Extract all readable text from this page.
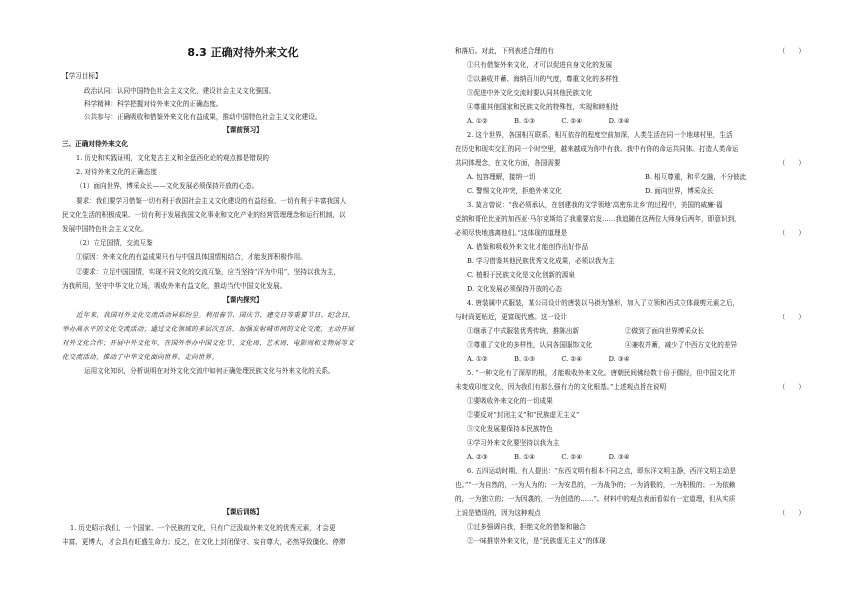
8.3 正确对待外来文化
【学习目标】
政治认同：认同中国特色社会主义文化，建设社会主义文化强国。
科学精神：科学把握对待外来文化的正确态度。
公共参与：正确吸收和借鉴外来文化有益成果，推动中国特色社会主义文化建设。
【课前预习】
三、正确对待外来文化
1. 历史和实践证明，文化复古主义和全盘西化论的观点都是错误的
2. 对待外来文化的正确态度
（1）面向世界，博采众长——文化发展必须保持开放的心态。
要求：我们要学习借鉴一切有利于我国社会主义文化建设的有益经验、一切有利于丰富我国人
民文化生活的积极成果、一切有利于发展我国文化事业和文化产业的经营管理理念和运行机制，以
发展中国特色社会主义文化。
（2）立足国情，交流互鉴
①原因：外来文化的有益成果只有与中国具体国情相结合，才能发挥积极作用。
②要求：立足中国国情，实现不同文化的交流互鉴，应当坚持“洋为中用”，坚持以我为主，
为我所用，坚守中华文化立场，吸收外来有益文化，推动当代中国文化发展。
【课内探究】
近年来，我国对外文化交流活动异彩纷呈。利用春节、国庆节、建交日等重要节日、纪念日，
举办高水平的文化交流活动；通过文化领域的多层次互访，加强发射城市间的文化交流，主动开展
对外文化合作；开展中外文化年，在国外举办中国文化节、文化周、艺术周、电影周和文物展等文
化交流活动，推动了中华文化面向世界、走向世界。
运用文化知识，分析说明在对外文化交流中如何正确处理民族文化与外来文化的关系。
【课后训练】
1. 历史昭示我们，一个国家、一个民族的文化，只有广泛汲取外来文化的优秀元素，才会更
丰富、更博大，才会具有旺盛生命力；反之，在文化上封闭保守、妄自尊大，必然导致僵化、停滞
和落后。对此，下列表述合理的有	（　　）
①只有借鉴外来文化，才可以促进自身文化的发展
②以兼收并蓄、海纳百川的气度，尊重文化的多样性
③促进中外文化交流时要认同其他民族文化
④尊重其他国家和民族文化的特殊性，实现和睦相处
A. ①②　　　　B. ①③　　　　C. ②④　　　　D. ③④
2. 这个世界，各国相互联系、相互依存的程度空前加深，人类生活在同一个地球村里，生活
在历史和现实交汇的同一个时空里，越来越成为你中有我、我中有你的命运共同体。打造人类命运
共同体理念，在文化方面，各国需要	（　　）
A. 包容理解，接纳一切	B. 相互尊重，和平交融，不分彼此
C. 警惕文化冲突，拒绝外来文化	D. 面向世界，博采众长
3. 莫言曾说：“我必须承认，在创建我的文学领地‘高密东北乡’的过程中，美国的威廉·福
克纳和哥伦比亚的加西亚·马尔克斯给了我重要启发……我追随在这两位大师身后两年，即意识到，
必须尽快地逃离他们。”这体现的道理是	（　　）
A. 借鉴和吸收外来文化才能创作出好作品
B. 学习借鉴其他民族优秀文化成果，必须以我为主
C. 植根于民族文化是文化创新的源泉
D. 文化发展必须保持开放的心态
4. 唐装属中式服装，某公司设计的唐装以马褂为雏形，加入了立领和西式立体裁剪元素之后，
与时尚更贴近，更富现代感。这一设计	（　　）
①继承了中式服装优秀传统，推陈出新	②做到了面向世界博采众长
③尊重了文化的多样性，认同各国服饰文化	④兼收并蓄，减少了中西方文化的差异
A. ①②　　　　B. ①③　　　　C. ②④　　　　D. ③④
5. “一种文化有了深厚的根，才能吸收外来文化。唐朝民间佛经数十倍于儒经，但中国文化并
未变成印度文化，因为我们有那么强有力的文化根基。”上述观点旨在说明	（　　）
①要吸收外来文化的一切成果
②要反对“封闭主义”和“民族虚无主义”
③文化发展要保持本民族特色
④学习外来文化要坚持以我为主
A. ②③　　　　B. ①④　　　　C. ②④　　　　D. ③④
6. 五四运动时期，有人提出：“东西文明有根本不同之点，即东洋文明主静，西洋文明主动是
也。”“一为自然的，一为人为的；一为安息的，一为战争的；一为消极的，一为积极的；一为依赖
的，一为独立的；一为因袭的，一为创造的……”。材料中的观点表面看似有一定道理，但从实质
上说是错误的，因为这种观点	（　　）
①过多强调自我，拒绝文化的借鉴和融合
②一味推崇外来文化，是“民族虚无主义”的体现
